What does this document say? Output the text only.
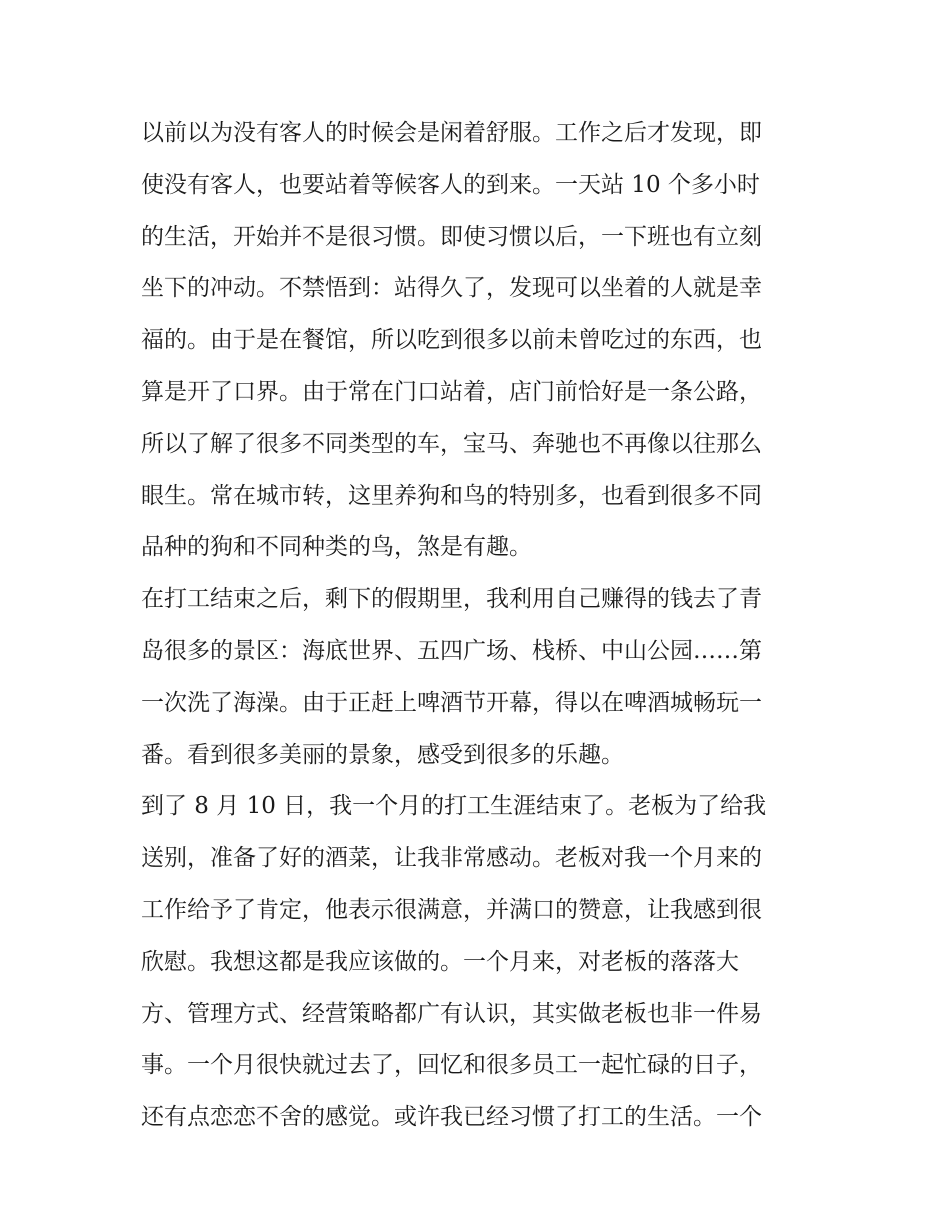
以前以为没有客人的时候会是闲着舒服。工作之后才发现，即
使没有客人，也要站着等候客人的到来。一天站 10 个多小时
的生活，开始并不是很习惯。即使习惯以后，一下班也有立刻
坐下的冲动。不禁悟到：站得久了，发现可以坐着的人就是幸
福的。由于是在餐馆，所以吃到很多以前未曾吃过的东西，也
算是开了口界。由于常在门口站着，店门前恰好是一条公路，
所以了解了很多不同类型的车，宝马、奔驰也不再像以往那么
眼生。常在城市转，这里养狗和鸟的特别多，也看到很多不同
品种的狗和不同种类的鸟，煞是有趣。
在打工结束之后，剩下的假期里，我利用自己赚得的钱去了青
岛很多的景区：海底世界、五四广场、栈桥、中山公园……第
一次洗了海澡。由于正赶上啤酒节开幕，得以在啤酒城畅玩一
番。看到很多美丽的景象，感受到很多的乐趣。
到了 8 月 10 日，我一个月的打工生涯结束了。老板为了给我
送别，准备了好的酒菜，让我非常感动。老板对我一个月来的
工作给予了肯定，他表示很满意，并满口的赞意，让我感到很
欣慰。我想这都是我应该做的。一个月来，对老板的落落大
方、管理方式、经营策略都广有认识，其实做老板也非一件易
事。一个月很快就过去了，回忆和很多员工一起忙碌的日子，
还有点恋恋不舍的感觉。或许我已经习惯了打工的生活。一个
